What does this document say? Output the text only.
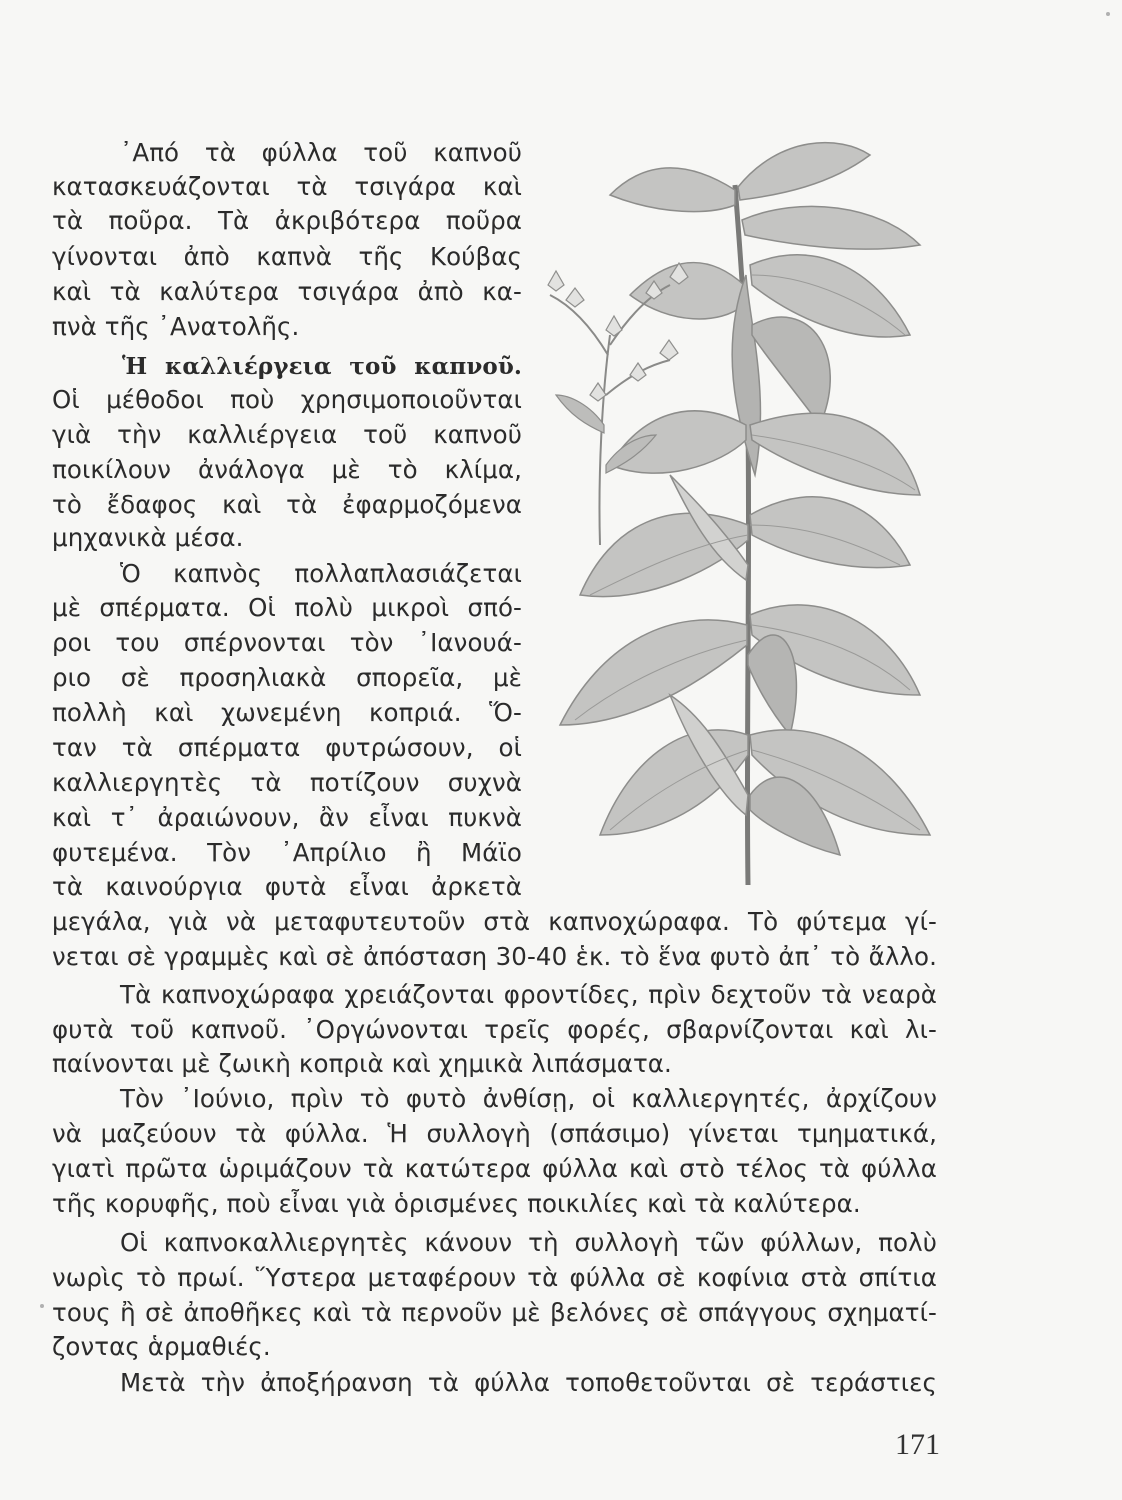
᾿Από τὰ φύλλα τοῦ καπνοῦ
κατασκευάζονται τὰ τσιγάρα καὶ
τὰ ποῦρα. Τὰ ἀκριβότερα ποῦρα
γίνονται ἀπὸ καπνὰ τῆς Κούβας
καὶ τὰ καλύτερα τσιγάρα ἀπὸ κα-
πνὰ τῆς ᾿Ανατολῆς.
Ἡ καλλιέργεια τοῦ καπνοῦ.
Οἱ μέθοδοι ποὺ χρησιμοποιοῦνται
γιὰ τὴν καλλιέργεια τοῦ καπνοῦ
ποικίλουν ἀνάλογα μὲ τὸ κλίμα,
τὸ ἔδαφος καὶ τὰ ἐφαρμοζόμενα
μηχανικὰ μέσα.
Ὁ καπνὸς πολλαπλασιάζεται
μὲ σπέρματα. Οἱ πολὺ μικροὶ σπό-
ροι του σπέρνονται τὸν ᾿Ιανουά-
ριο σὲ προσηλιακὰ σπορεῖα, μὲ
πολλὴ καὶ χωνεμένη κοπριά. Ὅ-
ταν τὰ σπέρματα φυτρώσουν, οἱ
καλλιεργητὲς τὰ ποτίζουν συχνὰ
καὶ τ᾿ ἀραιώνουν, ἂν εἶναι πυκνὰ
φυτεμένα. Τὸν ᾿Απρίλιο ἢ Μάϊο
τὰ καινούργια φυτὰ εἶναι ἀρκετὰ
μεγάλα, γιὰ νὰ μεταφυτευτοῦν στὰ καπνοχώραφα. Τὸ φύτεμα γί-
νεται σὲ γραμμὲς καὶ σὲ ἀπόσταση 30-40 ἑκ. τὸ ἕνα φυτὸ ἀπ᾿ τὸ ἄλλο.
Τὰ καπνοχώραφα χρειάζονται φροντίδες, πρὶν δεχτοῦν τὰ νεαρὰ
φυτὰ τοῦ καπνοῦ. ᾿Οργώνονται τρεῖς φορές, σβαρνίζονται καὶ λι-
παίνονται μὲ ζωικὴ κοπριὰ καὶ χημικὰ λιπάσματα.
Τὸν ᾿Ιούνιο, πρὶν τὸ φυτὸ ἀνθίσῃ, οἱ καλλιεργητές, ἀρχίζουν
νὰ μαζεύουν τὰ φύλλα. Ἡ συλλογὴ (σπάσιμο) γίνεται τμηματικά,
γιατὶ πρῶτα ὡριμάζουν τὰ κατώτερα φύλλα καὶ στὸ τέλος τὰ φύλλα
τῆς κορυφῆς, ποὺ εἶναι γιὰ ὁρισμένες ποικιλίες καὶ τὰ καλύτερα.
Οἱ καπνοκαλλιεργητὲς κάνουν τὴ συλλογὴ τῶν φύλλων, πολὺ
νωρὶς τὸ πρωί. Ὕστερα μεταφέρουν τὰ φύλλα σὲ κοφίνια στὰ σπίτια
τους ἢ σὲ ἀποθῆκες καὶ τὰ περνοῦν μὲ βελόνες σὲ σπάγγους σχηματί-
ζοντας ἁρμαθιές.
Μετὰ τὴν ἀποξήρανση τὰ φύλλα τοποθετοῦνται σὲ τεράστιες
171
